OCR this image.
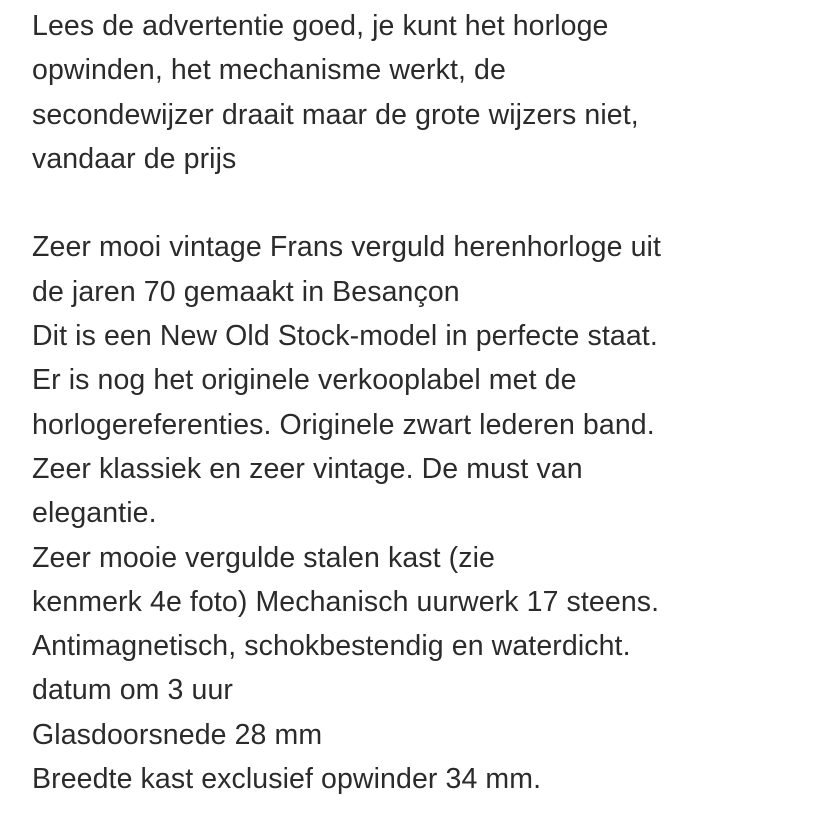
Lees de advertentie goed, je kunt het horloge
opwinden, het mechanisme werkt, de
secondewijzer draait maar de grote wijzers niet,
vandaar de prijs
Zeer mooi vintage Frans verguld herenhorloge uit
de jaren 70 gemaakt in Besançon
Dit is een New Old Stock-model in perfecte staat.
Er is nog het originele verkooplabel met de
horlogereferenties. Originele zwart lederen band.
Zeer klassiek en zeer vintage. De must van
elegantie.
Zeer mooie vergulde stalen kast (zie
kenmerk 4e foto) Mechanisch uurwerk 17 steens.
Antimagnetisch, schokbestendig en waterdicht.
datum om 3 uur
Glasdoorsnede 28 mm
Breedte kast exclusief opwinder 34 mm.
